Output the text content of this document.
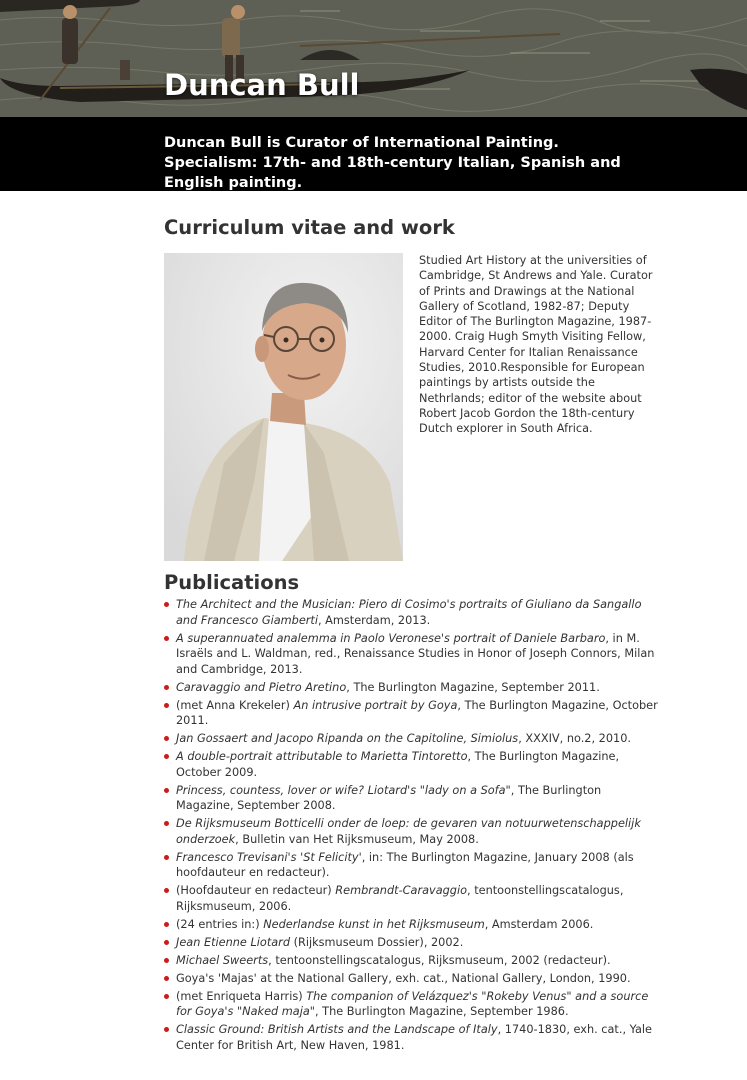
Duncan Bull

Duncan Bull is Curator of International Painting. Specialism: 17th- and 18th-century Italian, Spanish and English painting.

Curriculum vitae and work

Studied Art History at the universities of Cambridge, St Andrews and Yale. Curator of Prints and Drawings at the National Gallery of Scotland, 1982-87; Deputy Editor of The Burlington Magazine, 1987-2000. Craig Hugh Smyth Visiting Fellow, Harvard Center for Italian Renaissance Studies, 2010.Responsible for European paintings by artists outside the Nethrlands; editor of the website about Robert Jacob Gordon the 18th-century Dutch explorer in South Africa.

Publications
The Architect and the Musician: Piero di Cosimo's portraits of Giuliano da Sangallo and Francesco Giamberti, Amsterdam, 2013.
A superannuated analemma in Paolo Veronese's portrait of Daniele Barbaro, in M. Israëls and L. Waldman, red., Renaissance Studies in Honor of Joseph Connors, Milan and Cambridge, 2013.
Caravaggio and Pietro Aretino, The Burlington Magazine, September 2011.
(met Anna Krekeler) An intrusive portrait by Goya, The Burlington Magazine, October 2011.
Jan Gossaert and Jacopo Ripanda on the Capitoline, Simiolus, XXXIV, no.2, 2010.
A double-portrait attributable to Marietta Tintoretto, The Burlington Magazine, October 2009.
Princess, countess, lover or wife? Liotard's "lady on a Sofa", The Burlington Magazine, September 2008.
De Rijksmuseum Botticelli onder de loep: de gevaren van notuurwetenschappelijk onderzoek, Bulletin van Het Rijksmuseum, May 2008.
Francesco Trevisani's 'St Felicity', in: The Burlington Magazine, January 2008 (als hoofdauteur en redacteur).
(Hoofdauteur en redacteur) Rembrandt-Caravaggio, tentoonstellingscatalogus, Rijksmuseum, 2006.
(24 entries in:) Nederlandse kunst in het Rijksmuseum, Amsterdam 2006.
Jean Etienne Liotard (Rijksmuseum Dossier), 2002.
Michael Sweerts, tentoonstellingscatalogus, Rijksmuseum, 2002 (redacteur).
Goya's 'Majas' at the National Gallery, exh. cat., National Gallery, London, 1990.
(met Enriqueta Harris) The companion of Velázquez's "Rokeby Venus" and a source for Goya's "Naked maja", The Burlington Magazine, September 1986.
Classic Ground: British Artists and the Landscape of Italy, 1740-1830, exh. cat., Yale Center for British Art, New Haven, 1981.
